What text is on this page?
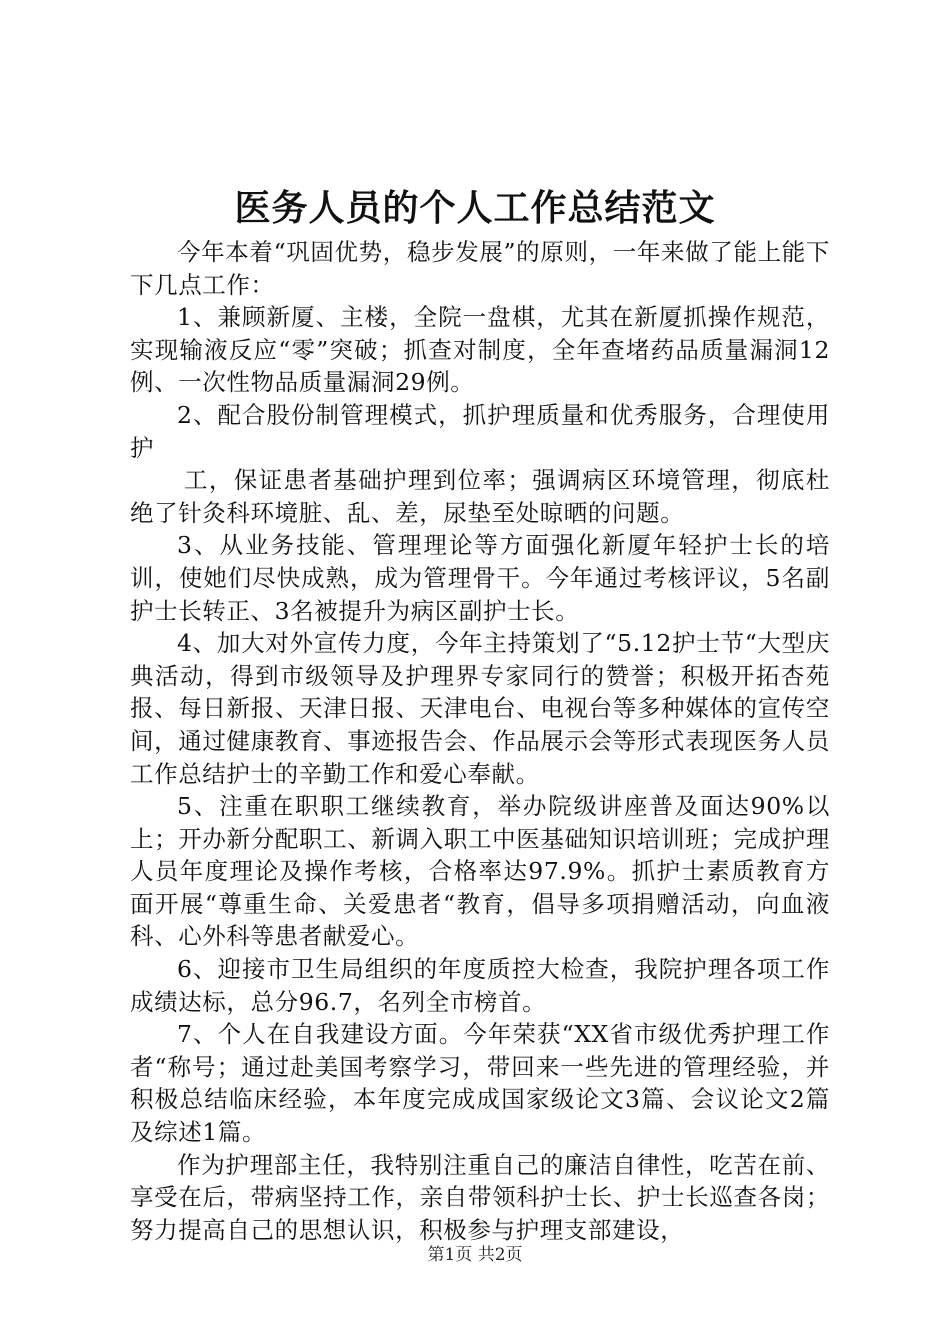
医务人员的个人工作总结范文

今年本着“巩固优势，稳步发展”的原则，一年来做了能上能下下几点工作：

1、兼顾新厦、主楼，全院一盘棋，尤其在新厦抓操作规范，实现输液反应“零”突破；抓查对制度，全年查堵药品质量漏洞12例、一次性物品质量漏洞29例。

2、配合股份制管理模式，抓护理质量和优秀服务，合理使用护

工，保证患者基础护理到位率；强调病区环境管理，彻底杜绝了针灸科环境脏、乱、差，尿垫至处晾晒的问题。

3、从业务技能、管理理论等方面强化新厦年轻护士长的培训，使她们尽快成熟，成为管理骨干。今年通过考核评议，5名副护士长转正、3名被提升为病区副护士长。

4、加大对外宣传力度，今年主持策划了“5.12护士节“大型庆典活动，得到市级领导及护理界专家同行的赞誉；积极开拓杏苑报、每日新报、天津日报、天津电台、电视台等多种媒体的宣传空间，通过健康教育、事迹报告会、作品展示会等形式表现医务人员工作总结护士的辛勤工作和爱心奉献。

5、注重在职职工继续教育，举办院级讲座普及面达90%以上；开办新分配职工、新调入职工中医基础知识培训班；完成护理人员年度理论及操作考核，合格率达97.9%。抓护士素质教育方面开展“尊重生命、关爱患者“教育，倡导多项捐赠活动，向血液科、心外科等患者献爱心。

6、迎接市卫生局组织的年度质控大检查，我院护理各项工作成绩达标，总分96.7，名列全市榜首。

7、个人在自我建设方面。今年荣获“XX省市级优秀护理工作者“称号；通过赴美国考察学习，带回来一些先进的管理经验，并积极总结临床经验，本年度完成成国家级论文3篇、会议论文2篇及综述1篇。

作为护理部主任，我特别注重自己的廉洁自律性，吃苦在前、享受在后，带病坚持工作，亲自带领科护士长、护士长巡查各岗；努力提高自己的思想认识，积极参与护理支部建设，

第1页 共2页
